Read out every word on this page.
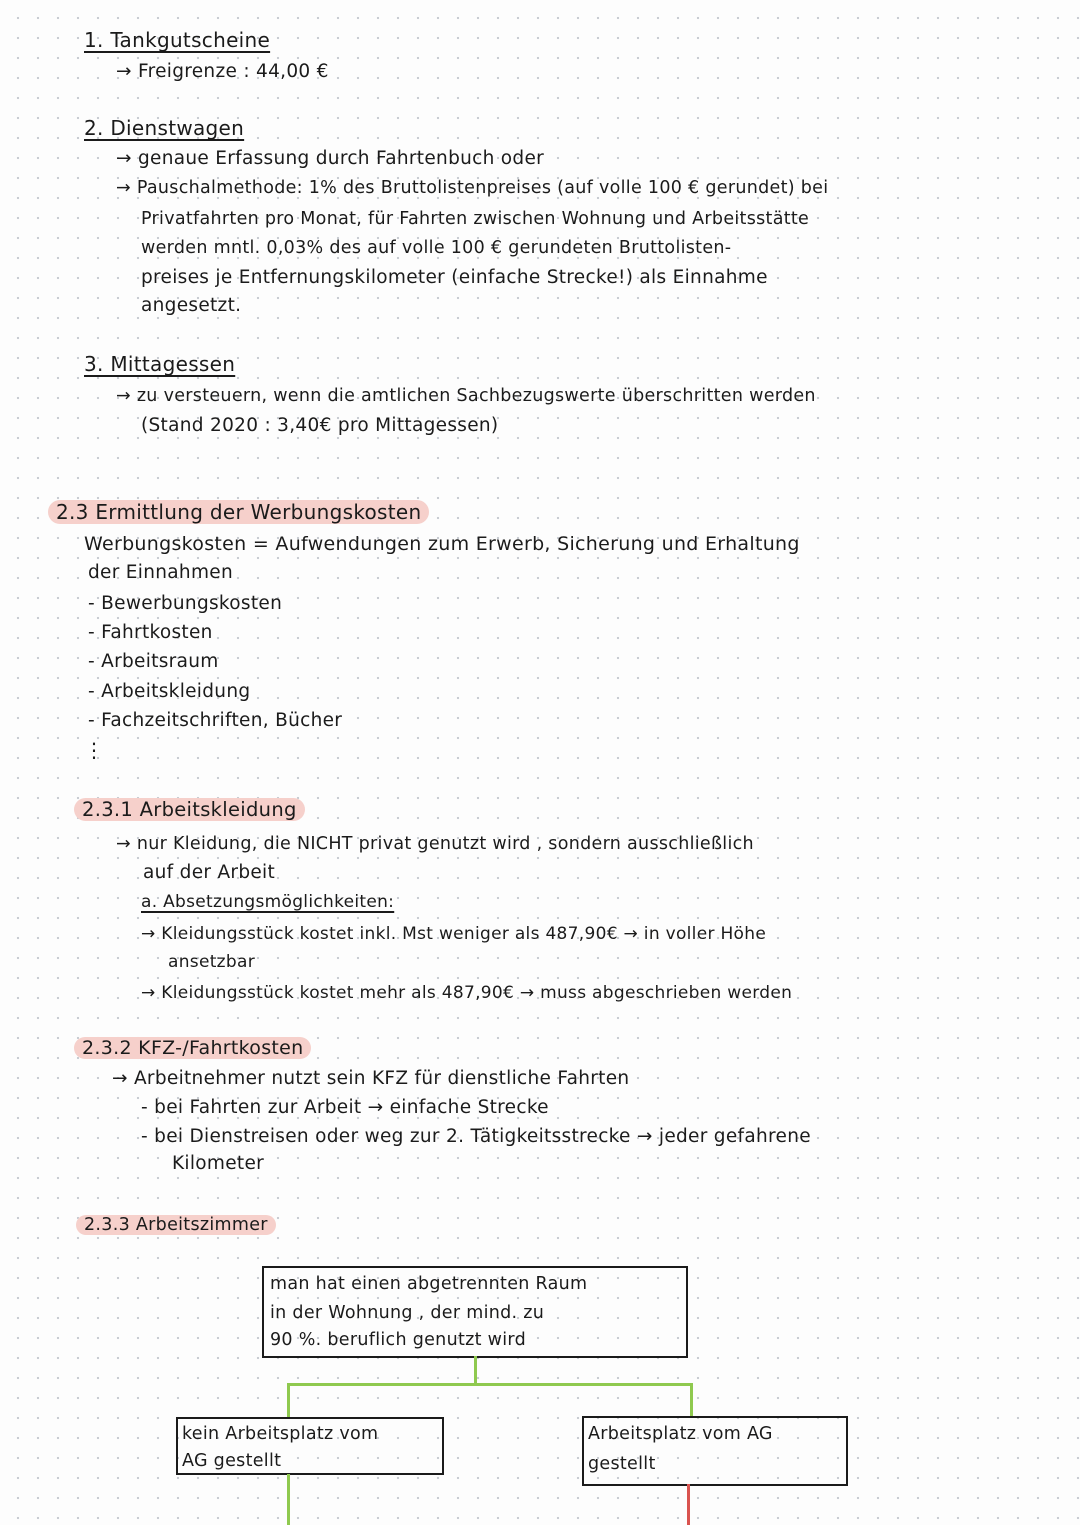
1. Tankgutscheine
→ Freigrenze : 44,00 €
2. Dienstwagen
→ genaue Erfassung durch Fahrtenbuch oder
→ Pauschalmethode: 1% des Bruttolistenpreises (auf volle 100 € gerundet) bei
Privatfahrten pro Monat, für Fahrten zwischen Wohnung und Arbeitsstätte
werden mntl. 0,03% des auf volle 100 € gerundeten Bruttolisten-
preises je Entfernungskilometer (einfache Strecke!) als Einnahme
angesetzt.
3. Mittagessen
→ zu versteuern, wenn die amtlichen Sachbezugswerte überschritten werden
(Stand 2020 : 3,40€ pro Mittagessen)
2.3 Ermittlung der Werbungskosten
Werbungskosten = Aufwendungen zum Erwerb, Sicherung und Erhaltung
der Einnahmen
- Bewerbungskosten
- Fahrtkosten
- Arbeitsraum
- Arbeitskleidung
- Fachzeitschriften, Bücher
⋮
2.3.1 Arbeitskleidung
→ nur Kleidung, die NICHT privat genutzt wird , sondern ausschließlich
auf der Arbeit
a. Absetzungsmöglichkeiten:
→ Kleidungsstück kostet inkl. Mst weniger als 487,90€ → in voller Höhe
ansetzbar
→ Kleidungsstück kostet mehr als 487,90€ → muss abgeschrieben werden
2.3.2 KFZ-/Fahrtkosten
→ Arbeitnehmer nutzt sein KFZ für dienstliche Fahrten
- bei Fahrten zur Arbeit → einfache Strecke
- bei Dienstreisen oder weg zur 2. Tätigkeitsstrecke → jeder gefahrene
Kilometer
2.3.3 Arbeitszimmer
man hat einen abgetrennten Raum
in der Wohnung , der mind. zu
90 %. beruflich genutzt wird
kein Arbeitsplatz vom
AG gestellt
Arbeitsplatz vom AG
gestellt
